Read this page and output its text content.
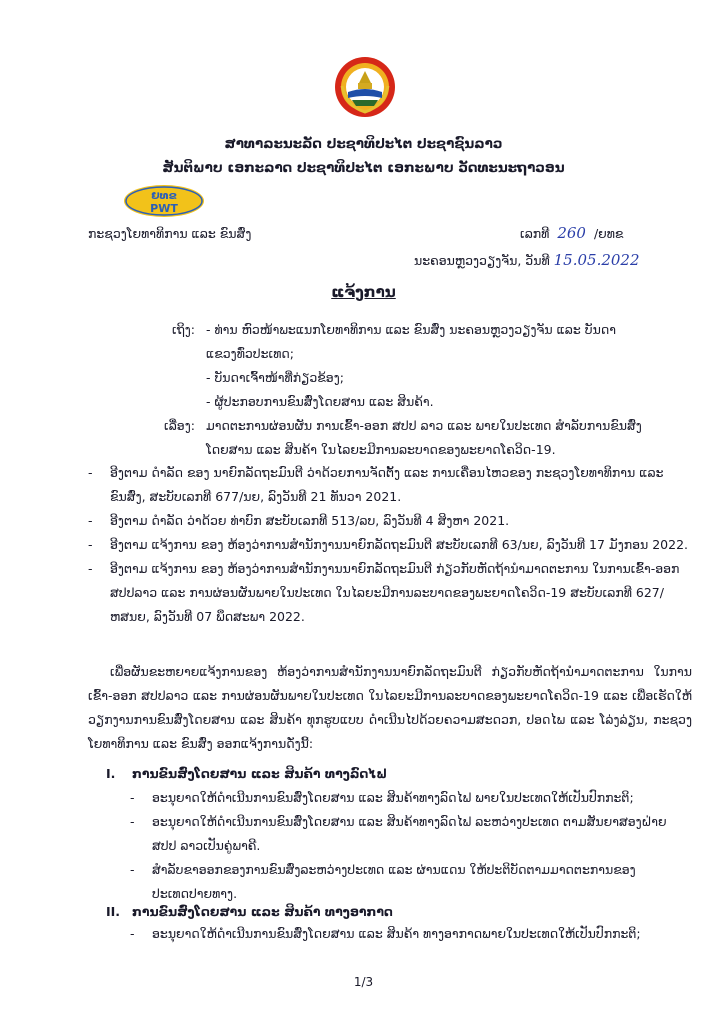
ສາທາລະນະລັດ ປະຊາທິປະໄຕ ປະຊາຊົນລາວ
ສັນຕິພາບ ເອກະລາດ ປະຊາທິປະໄຕ ເອກະພາບ ວັດທະນະຖາວອນ
ຍທຂ
PWT
ກະຊວງໂຍທາທິການ ແລະ ຂົນສົ່ງ	ເລກທີ 260 /ຍທຂ
ນະຄອນຫຼວງວຽງຈັນ, ວັນທີ 15.05.2022
ແຈ້ງການ
ເຖິງ: - ທ່ານ ຫົວໜ້າພະແນກໂຍທາທິການ ແລະ ຂົນສົ່ງ ນະຄອນຫຼວງວຽງຈັນ ແລະ ບັນດາ
ແຂວງທົ່ວປະເທດ;
- ບັນດາເຈົ້າໜ້າທີ່ກ່ຽວຂ້ອງ;
- ຜູ້ປະກອບການຂົນສົ່ງໂດຍສານ ແລະ ສິນຄ້າ.
ເລື່ອງ: ມາດຕະການຜ່ອນຜັນ ການເຂົ້າ-ອອກ ສປປ ລາວ ແລະ ພາຍໃນປະເທດ ສໍາລັບການຂົນສົ່ງ
ໂດຍສານ ແລະ ສິນຄ້າ ໃນໄລຍະມີການລະບາດຂອງພະຍາດໂຄວິດ-19.
-	ອີງຕາມ ດໍາລັດ ຂອງ ນາຍົກລັດຖະມົນຕີ ວ່າດ້ວຍການຈັດຕັ້ງ ແລະ ການເຄື່ອນໄຫວຂອງ ກະຊວງໂຍທາທິການ ແລະ ຂົນສົ່ງ, ສະບັບເລກທີ 677/ນຍ, ລົງວັນທີ 21 ທັນວາ 2021.
-	ອີງຕາມ ດໍາລັດ ວ່າດ້ວຍ ທ່າບົກ ສະບັບເລກທີ 513/ລບ, ລົງວັນທີ 4 ສິງຫາ 2021.
-	ອີງຕາມ ແຈ້ງການ ຂອງ ຫ້ອງວ່າການສໍານັກງານນາຍົກລັດຖະມົນຕີ ສະບັບເລກທີ 63/ນຍ, ລົງວັນທີ 17 ມັງກອນ 2022.
-	ອີງຕາມ ແຈ້ງການ ຂອງ ຫ້ອງວ່າການສໍານັກງານນາຍົກລັດຖະມົນຕີ ກ່ຽວກັບຫັດຖ້ານໍາມາດຕະການ ໃນການເຂົ້າ-ອອກ ສປປລາວ ແລະ ການຜ່ອນຜັນພາຍໃນປະເທດ ໃນໄລຍະມີການລະບາດຂອງພະຍາດໂຄວິດ-19 ສະບັບເລກທີ 627/ຫສນຍ, ລົງວັນທີ 07 ພຶດສະພາ 2022.
ເພື່ອຜັນຂະຫຍາຍແຈ້ງການຂອງ ຫ້ອງວ່າການສໍານັກງານນາຍົກລັດຖະມົນຕີ ກ່ຽວກັບຫັດຖ້ານໍາມາດຕະການ ໃນການເຂົ້າ-ອອກ ສປປລາວ ແລະ ການຜ່ອນຜັນພາຍໃນປະເທດ ໃນໄລຍະມີການລະບາດຂອງພະຍາດໂຄວິດ-19 ແລະ ເພື່ອເຮັດໃຫ້ວຽກງານການຂົນສົ່ງໂດຍສານ ແລະ ສິນຄ້າ ທຸກຮູບແບບ ດໍາເນີນໄປດ້ວຍຄວາມສະດວກ, ປອດໄພ ແລະ ໂລ່ງລ່ຽນ, ກະຊວງໂຍທາທິການ ແລະ ຂົນສົ່ງ ອອກແຈ້ງການດັ່ງນີ້:
I. ການຂົນສົ່ງໂດຍສານ ແລະ ສິນຄ້າ ທາງລົດໄຟ
-	ອະນຸຍາດໃຫ້ດໍາເນີນການຂົນສົ່ງໂດຍສານ ແລະ ສິນຄ້າທາງລົດໄຟ ພາຍໃນປະເທດໃຫ້ເປັນປົກກະຕິ;
-	ອະນຸຍາດໃຫ້ດໍາເນີນການຂົນສົ່ງໂດຍສານ ແລະ ສິນຄ້າທາງລົດໄຟ ລະຫວ່າງປະເທດ ຕາມສັນຍາສອງຝ່າຍ ສປປ ລາວເປັນຄູ່ພາຄີ.
-	ສໍາລັບຂາອອກຂອງການຂົນສົ່ງລະຫວ່າງປະເທດ ແລະ ຜ່ານແດນ ໃຫ້ປະຕິບັດຕາມມາດຕະການຂອງປະເທດປາຍທາງ.
II. ການຂົນສົ່ງໂດຍສານ ແລະ ສິນຄ້າ ທາງອາກາດ
-	ອະນຸຍາດໃຫ້ດໍາເນີນການຂົນສົ່ງໂດຍສານ ແລະ ສິນຄ້າ ທາງອາກາດພາຍໃນປະເທດໃຫ້ເປັນປົກກະຕິ;
1/3
